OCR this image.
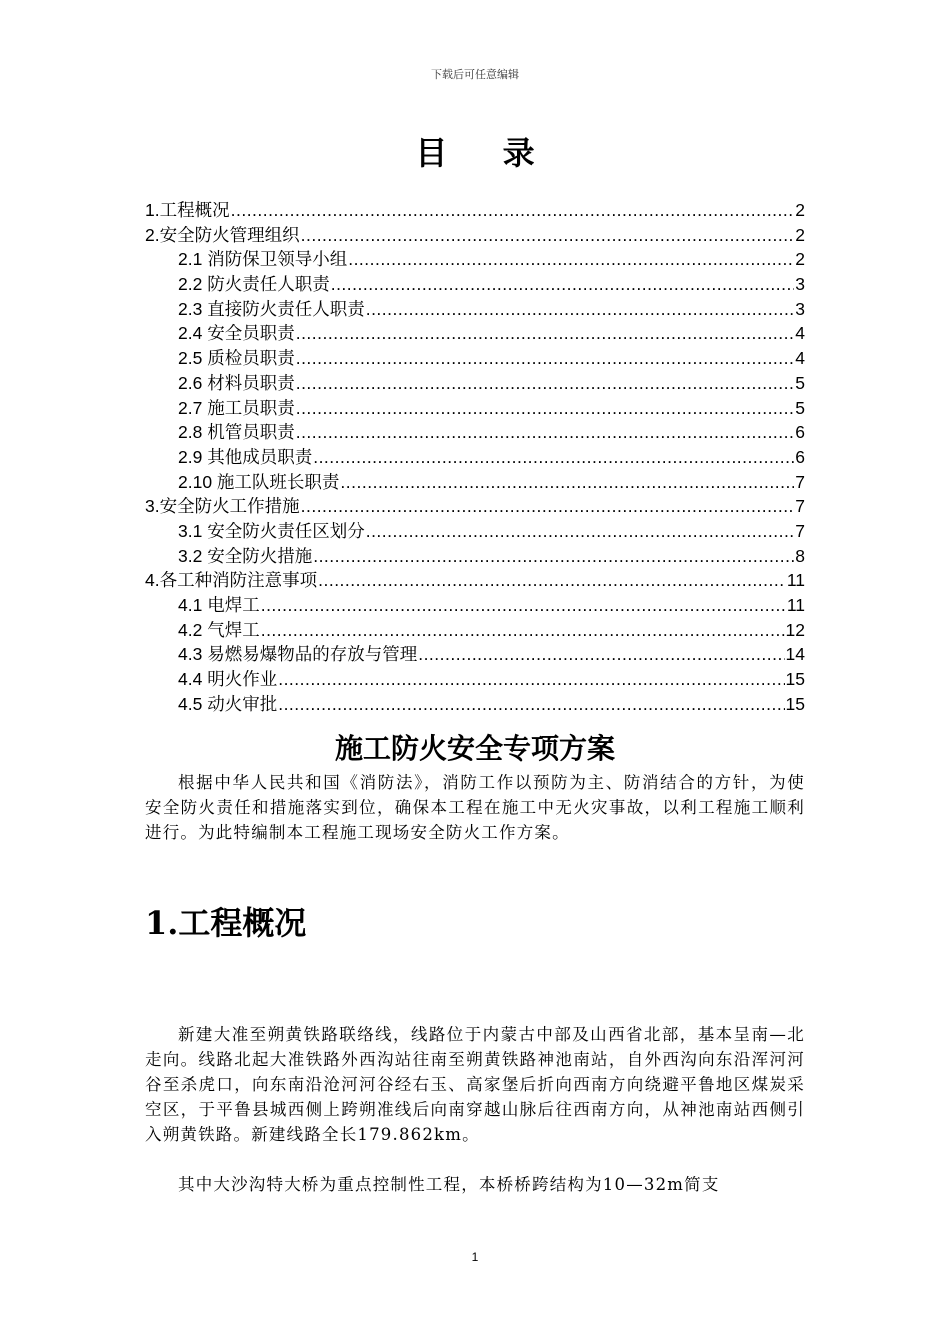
下载后可任意编辑
目 录
1.工程概况 .....	2
2.安全防火管理组织 .....	2
2.1 消防保卫领导小组 .....	2
2.2 防火责任人职责 .....	3
2.3 直接防火责任人职责 .....	3
2.4 安全员职责 .....	4
2.5 质检员职责 .....	4
2.6 材料员职责 .....	5
2.7 施工员职责 .....	5
2.8 机管员职责 .....	6
2.9 其他成员职责 .....	6
2.10 施工队班长职责 .....	7
3.安全防火工作措施 .....	7
3.1 安全防火责任区划分 .....	7
3.2 安全防火措施 .....	8
4.各工种消防注意事项 .....	11
4.1 电焊工 .....	11
4.2 气焊工 .....	12
4.3 易燃易爆物品的存放与管理 .....	14
4.4 明火作业 .....	15
4.5 动火审批 .....	15
施工防火安全专项方案

根据中华人民共和国《消防法》，消防工作以预防为主、防消结合的方针，为使安全防火责任和措施落实到位，确保本工程在施工中无火灾事故，以利工程施工顺利进行。为此特编制本工程施工现场安全防火工作方案。

1.工程概况

新建大准至朔黄铁路联络线，线路位于内蒙古中部及山西省北部，基本呈南—北走向。线路北起大准铁路外西沟站往南至朔黄铁路神池南站，自外西沟向东沿浑河河谷至杀虎口，向东南沿沧河河谷经右玉、高家堡后折向西南方向绕避平鲁地区煤炭采空区，于平鲁县城西侧上跨朔准线后向南穿越山脉后往西南方向，从神池南站西侧引入朔黄铁路。新建线路全长179.862km。

其中大沙沟特大桥为重点控制性工程，本桥桥跨结构为10—32m简支

1
